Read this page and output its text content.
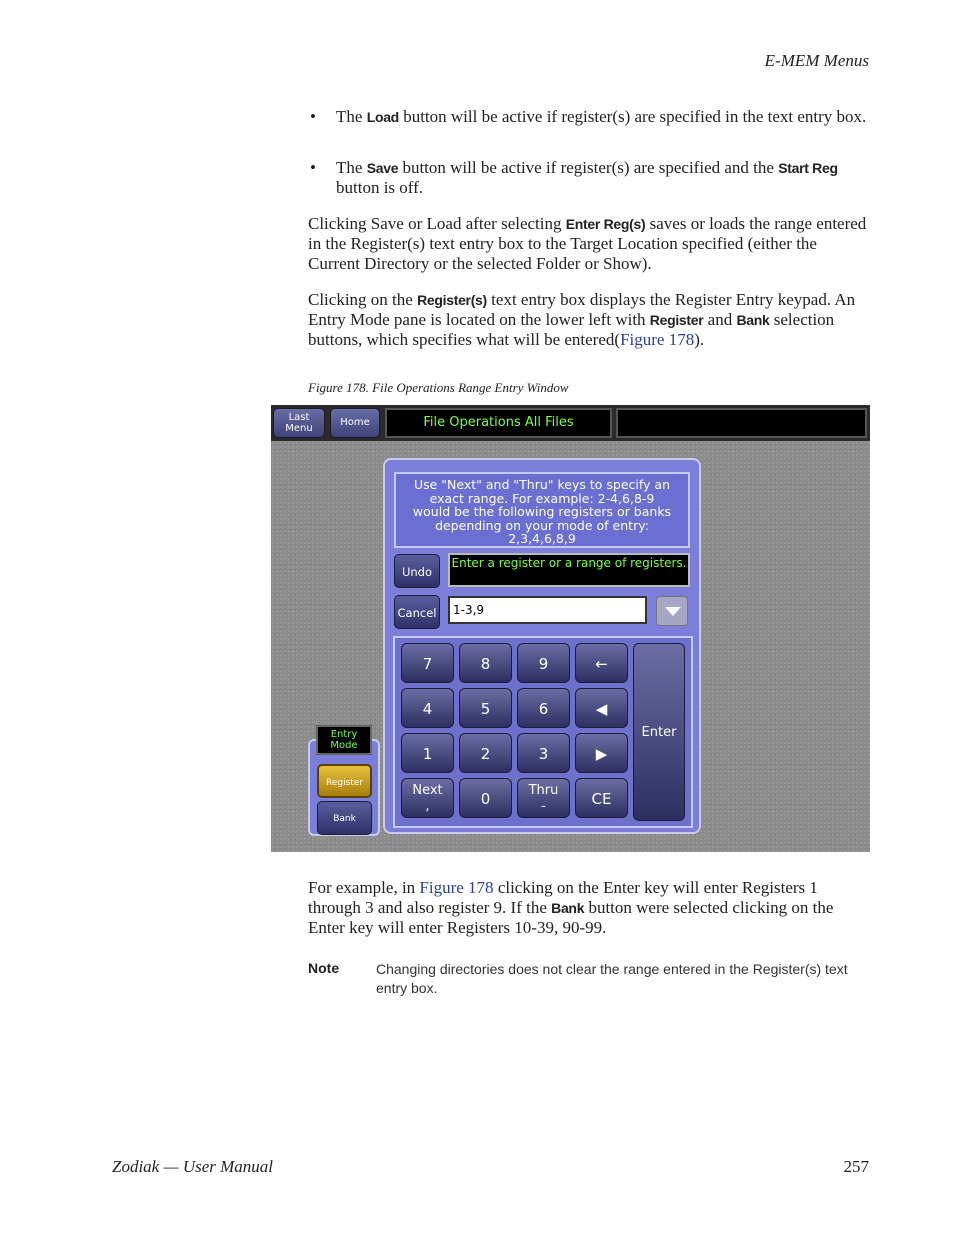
E-MEM Menus
• The Load button will be active if register(s) are specified in the text entry box.
• The Save button will be active if register(s) are specified and the Start Reg button is off.
Clicking Save or Load after selecting Enter Reg(s) saves or loads the range entered in the Register(s) text entry box to the Target Location specified (either the Current Directory or the selected Folder or Show).
Clicking on the Register(s) text entry box displays the Register Entry keypad. An Entry Mode pane is located on the lower left with Register and Bank selection buttons, which specifies what will be entered(Figure 178).
Figure 178. File Operations Range Entry Window
Last
Menu
Home	File Operations All Files
Use "Next" and "Thru" keys to specify an
exact range. For example: 2-4,6,8-9
would be the following registers or banks
depending on your mode of entry:
2,3,4,6,8,9
Undo
Enter a register or a range of registers.
Cancel	1-3,9
7	8	9	←
4	5	6	◀
1	2	3	▶
Next
,	0	Thru
-	CE
Enter
Register
Bank
Entry
Mode
For example, in Figure 178 clicking on the Enter key will enter Registers 1 through 3 and also register 9. If the Bank button were selected clicking on the Enter key will enter Registers 10-39, 90-99.
Note	Changing directories does not clear the range entered in the Register(s) text entry box.
Zodiak — User Manual	257
